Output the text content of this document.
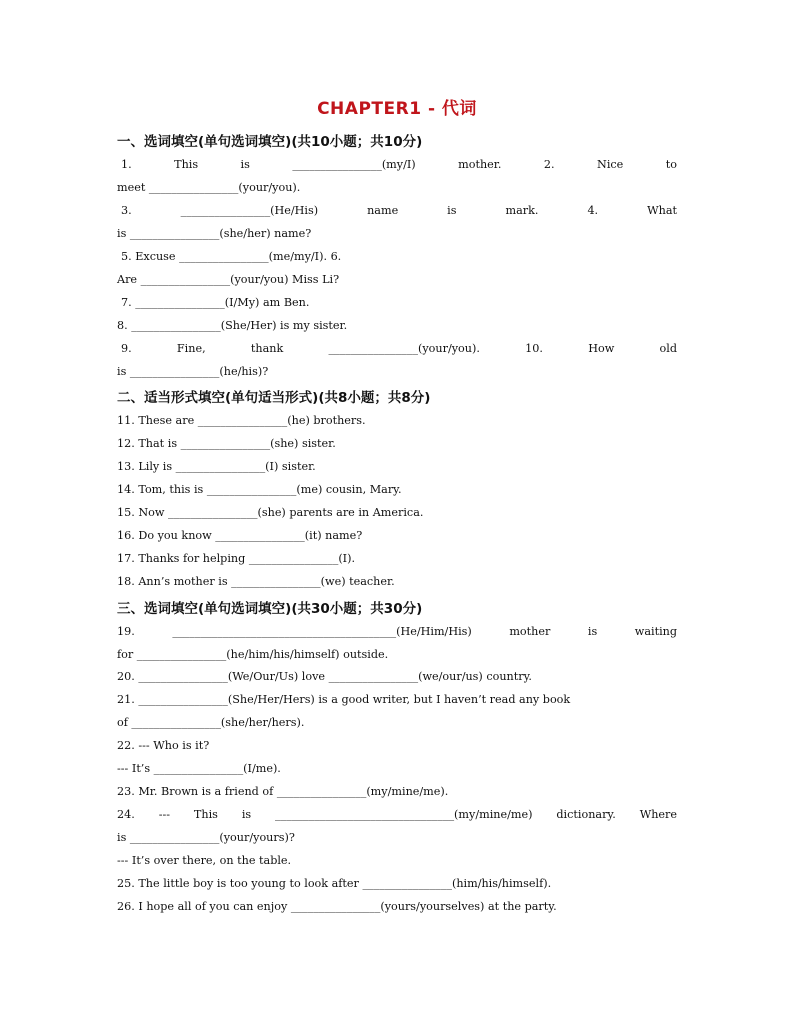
CHAPTER1 - 代词
一、选词填空(单句选词填空)(共10小题；共10分)
二、适当形式填空(单句适当形式)(共8小题；共8分)
三、选词填空(单句选词填空)(共30小题；共30分)
1. This is ________________(my/I) mother.	2.	Nice	to
meet ________________(your/you).
3. ________________(He/His) name is mark.	4.	What
is ________________(she/her) name?
5. Excuse ________________(me/my/I). 6.
Are ________________(your/you) Miss Li?
7. ________________(I/My) am Ben.
8. ________________(She/Her) is my sister.
9. Fine, thank ________________(your/you).	10.	How	old
is ________________(he/his)?
11. These are ________________(he) brothers.
12. That is ________________(she) sister.
13. Lily is ________________(I) sister.
14. Tom, this is ________________(me) cousin, Mary.
15. Now ________________(she) parents are in America.
16. Do you know ________________(it) name?
17. Thanks for helping ________________(I).
18. Ann’s mother is ________________(we) teacher.
19.	________________________________________(He/Him/His)	mother	is	waiting
for ________________(he/him/his/himself) outside.
20. ________________(We/Our/Us) love ________________(we/our/us) country.
21. ________________(She/Her/Hers) is a good writer, but I haven’t read any book
of ________________(she/her/hers).
22. --- Who is it?
--- It’s ________________(I/me).
23. Mr. Brown is a friend of ________________(my/mine/me).
24. --- This is ________________________________(my/mine/me) dictionary. Where
is ________________(your/yours)?
--- It’s over there, on the table.
25. The little boy is too young to look after ________________(him/his/himself).
26. I hope all of you can enjoy ________________(yours/yourselves) at the party.
